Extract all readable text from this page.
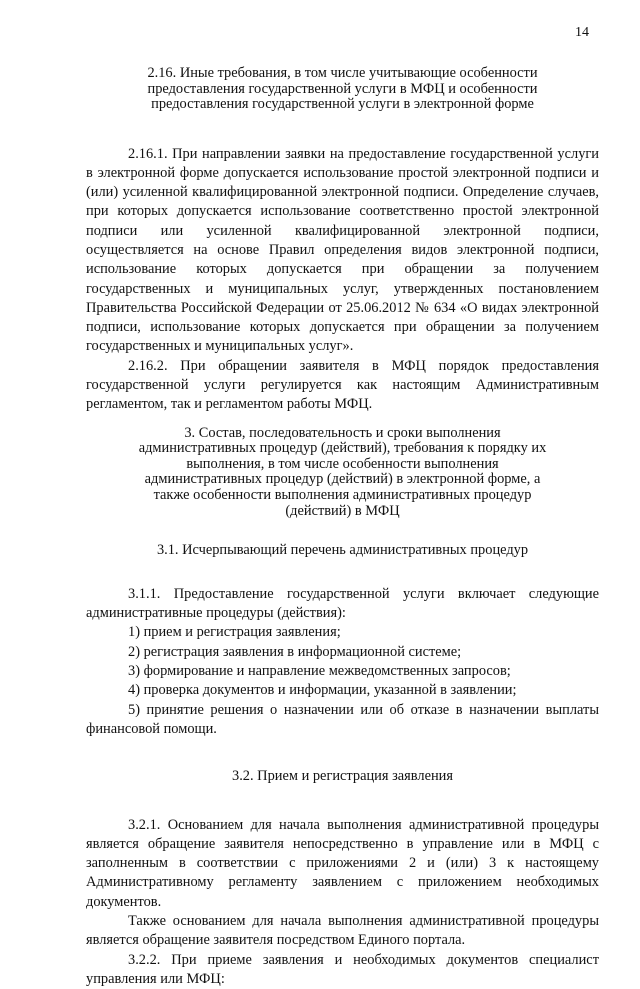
14
2.16. Иные требования, в том числе учитывающие особенности предоставления государственной услуги в МФЦ и особенности предоставления государственной услуги в электронной форме

2.16.1. При направлении заявки на предоставление государственной услуги в электронной форме допускается использование простой электронной подписи и (или) усиленной квалифицированной электронной подписи. Определение случаев, при которых допускается использование соответственно простой электронной подписи или усиленной квалифицированной электронной подписи, осуществляется на основе Правил определения видов электронной подписи, использование которых допускается при обращении за получением государственных и муниципальных услуг, утвержденных постановлением Правительства Российской Федерации от 25.06.2012 № 634 «О видах электронной подписи, использование которых допускается при обращении за получением государственных и муниципальных услуг».

2.16.2. При обращении заявителя в МФЦ порядок предоставления государственной услуги регулируется как настоящим Административным регламентом, так и регламентом работы МФЦ.

3. Состав, последовательность и сроки выполнения административных процедур (действий), требования к порядку их выполнения, в том числе особенности выполнения административных процедур (действий) в электронной форме, а также особенности выполнения административных процедур (действий) в МФЦ
3.1. Исчерпывающий перечень административных процедур

3.1.1. Предоставление государственной услуги включает следующие административные процедуры (действия):

1) прием и регистрация заявления;
2) регистрация заявления в информационной системе;
3) формирование и направление межведомственных запросов;
4) проверка документов и информации, указанной в заявлении;
5) принятие решения о назначении или об отказе в назначении выплаты финансовой помощи.
3.2. Прием и регистрация заявления

3.2.1. Основанием для начала выполнения административной процедуры является обращение заявителя непосредственно в управление или в МФЦ с заполненным в соответствии с приложениями 2 и (или) 3 к настоящему Административному регламенту заявлением с приложением необходимых документов.

Также основанием для начала выполнения административной процедуры является обращение заявителя посредством Единого портала.

3.2.2. При приеме заявления и необходимых документов специалист управления или МФЦ:
